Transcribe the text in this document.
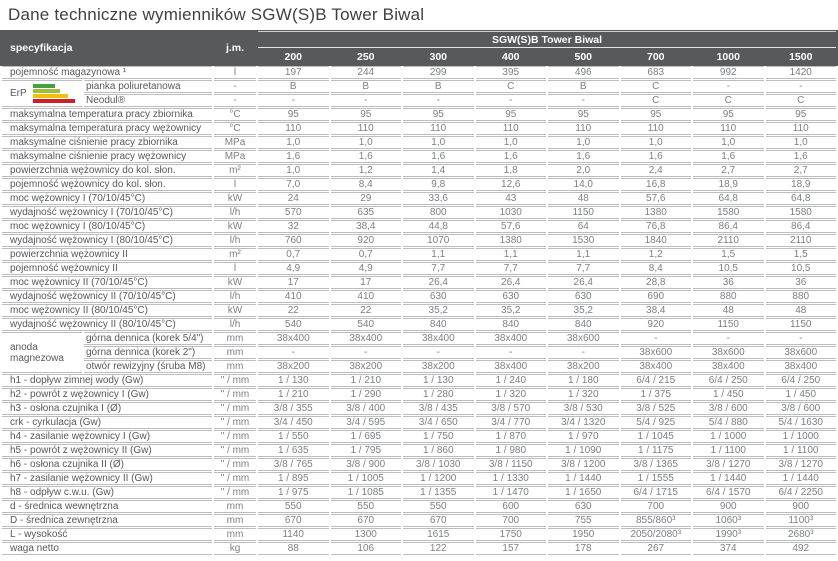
Dane techniczne wymienników SGW(S)B Tower Biwal
specyfikacja		j.m.	SGW(S)B Tower Biwal							
			200	250	300	400	500	700	1000	1500
pojemność magazynowa ¹		l	197	244	299	395	496	683	992	1420

ErP	pianka poliuretanowa	-	B	B	B	C	B	C	-	-
	Neodul®	-	-	-	-	-	-	C	C	C
maksymalna temperatura pracy zbiornika		°C	95	95	95	95	95	95	95	95
maksymalna temperatura pracy wężownicy		°C	110	110	110	110	110	110	110	110
maksymalne ciśnienie pracy zbiornika		MPa	1,0	1,0	1,0	1,0	1,0	1,0	1,0	1,0
maksymalne ciśnienie pracy wężownicy		MPa	1,6	1,6	1,6	1,6	1,6	1,6	1,6	1,6
powierzchnia wężownicy do kol. słon.		m²	1,0	1,2	1,4	1,8	2,0	2,4	2,7	2,7
pojemność wężownicy do kol. słon.		l	7,0	8,4	9,8	12,6	14,0	16,8	18,9	18,9
moc wężownicy I (70/10/45°C)		kW	24	29	33,6	43	48	57,6	64,8	64,8
wydajność wężownicy I (70/10/45°C)		l/h	570	635	800	1030	1150	1380	1580	1580
moc wężownicy I (80/10/45°C)		kW	32	38,4	44,8	57,6	64	76,8	86,4	86,4
wydajność wężownicy I (80/10/45°C)		l/h	760	920	1070	1380	1530	1840	2110	2110
powierzchnia wężownicy II		m²	0,7	0,7	1,1	1,1	1,1	1,2	1,5	1,5
pojemność wężownicy II		l	4,9	4,9	7,7	7,7	7,7	8,4	10,5	10,5
moc wężownicy II (70/10/45°C)		kW	17	17	26,4	26,4	26,4	28,8	36	36
wydajność wężownicy II (70/10/45°C)		l/h	410	410	630	630	630	690	880	880
moc wężownicy II (80/10/45°C)		kW	22	22	35,2	35,2	35,2	38,4	48	48
wydajność wężownicy II (80/10/45°C)		l/h	540	540	840	840	840	920	1150	1150

anoda magnezowa	górna dennica (korek 5/4")	mm	38x400	38x400	38x400	38x400	38x600	-	-	-
	górna dennica (korek 2")	mm	-	-	-	-	-	38x600	38x600	38x600
	otwór rewizyjny (śruba M8)	mm	38x200	38x200	38x200	38x400	38x200	38x400	38x400	38x400
h1 - dopływ zimnej wody (Gw)		" / mm	1 / 130	1 / 210	1 / 130	1 / 240	1 / 180	6/4 / 215	6/4 / 250	6/4 / 250
h2 - powrót z wężownicy I (Gw)		" / mm	1 / 210	1 / 290	1 / 280	1 / 320	1 / 320	1 / 375	1 / 450	1 / 450
h3 - osłona czujnika I (Ø)		" / mm	3/8 / 355	3/8 / 400	3/8 / 435	3/8 / 570	3/8 / 530	3/8 / 525	3/8 / 600	3/8 / 600
crk - cyrkulacja (Gw)		" / mm	3/4 / 450	3/4 / 595	3/4 / 650	3/4 / 770	3/4 / 1320	5/4 / 925	5/4 / 880	5/4 / 1630
h4 - zasilanie wężownicy I (Gw)		" / mm	1 / 550	1 / 695	1 / 750	1 / 870	1 / 970	1 / 1045	1 / 1000	1 / 1000
h5 - powrót z wężownicy II (Gw)		" / mm	1 / 635	1 / 795	1 / 860	1 / 980	1 / 1090	1 / 1175	1 / 1100	1 / 1100
h6 - osłona czujnika II (Ø)		" / mm	3/8 / 765	3/8 / 900	3/8 / 1030	3/8 / 1150	3/8 / 1200	3/8 / 1365	3/8 / 1270	3/8 / 1270
h7 - zasilanie wężownicy II (Gw)		" / mm	1 / 895	1 / 1005	1 / 1200	1 / 1330	1 / 1440	1 / 1555	1 / 1440	1 / 1440
h8 - odpływ c.w.u. (Gw)		" / mm	1 / 975	1 / 1085	1 / 1355	1 / 1470	1 / 1650	6/4 / 1715	6/4 / 1570	6/4 / 2250
d - średnica wewnętrzna		mm	550	550	550	600	630	700	900	900
D - średnica zewnętrzna		mm	670	670	670	700	755	855/860³	1060³	1100³
L - wysokość		mm	1140	1300	1615	1750	1950	2050/2080³	1990³	2680³
waga netto		kg	88	106	122	157	178	267	374	492
